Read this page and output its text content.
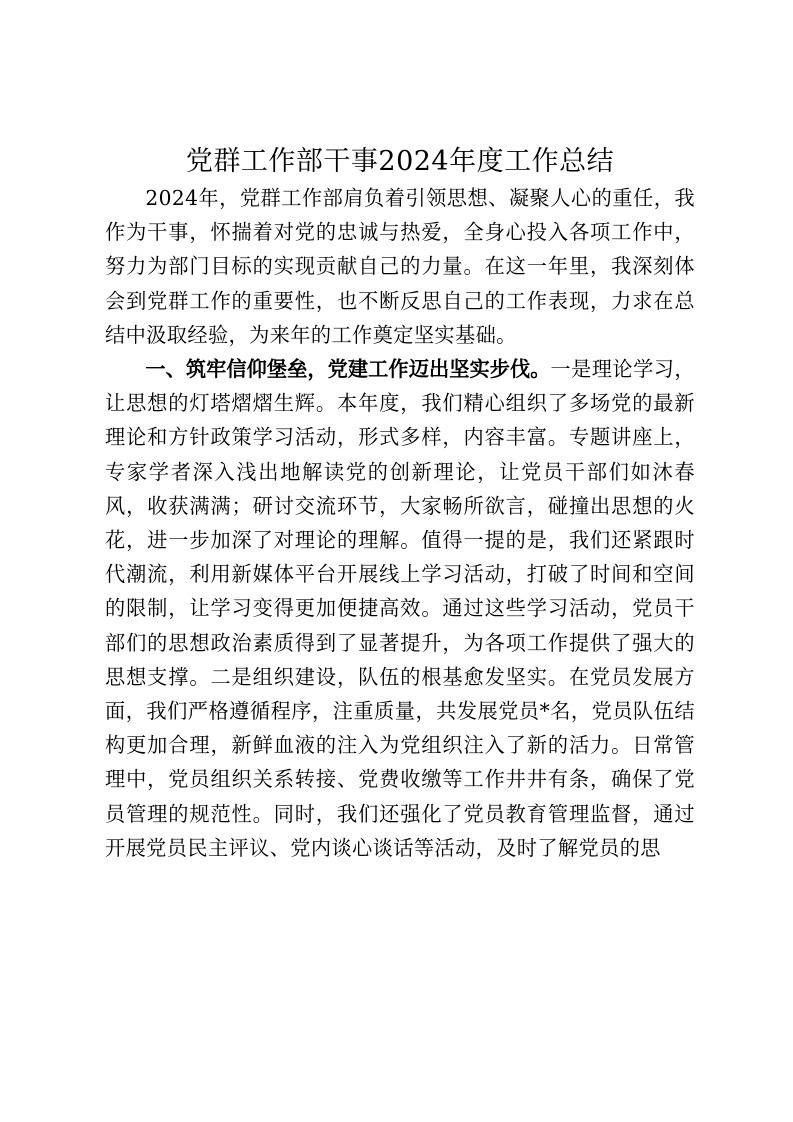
党群工作部干事2024年度工作总结

2024年，党群工作部肩负着引领思想、凝聚人心的重任，我作为干事，怀揣着对党的忠诚与热爱，全身心投入各项工作中，努力为部门目标的实现贡献自己的力量。在这一年里，我深刻体会到党群工作的重要性，也不断反思自己的工作表现，力求在总结中汲取经验，为来年的工作奠定坚实基础。

一、筑牢信仰堡垒，党建工作迈出坚实步伐。一是理论学习，让思想的灯塔熠熠生辉。本年度，我们精心组织了多场党的最新理论和方针政策学习活动，形式多样，内容丰富。专题讲座上，专家学者深入浅出地解读党的创新理论，让党员干部们如沐春风，收获满满；研讨交流环节，大家畅所欲言，碰撞出思想的火花，进一步加深了对理论的理解。值得一提的是，我们还紧跟时代潮流，利用新媒体平台开展线上学习活动，打破了时间和空间的限制，让学习变得更加便捷高效。通过这些学习活动，党员干部们的思想政治素质得到了显著提升，为各项工作提供了强大的思想支撑。二是组织建设，队伍的根基愈发坚实。在党员发展方面，我们严格遵循程序，注重质量，共发展党员*名，党员队伍结构更加合理，新鲜血液的注入为党组织注入了新的活力。日常管理中，党员组织关系转接、党费收缴等工作井井有条，确保了党员管理的规范性。同时，我们还强化了党员教育管理监督，通过开展党员民主评议、党内谈心谈话等活动，及时了解党员的思
